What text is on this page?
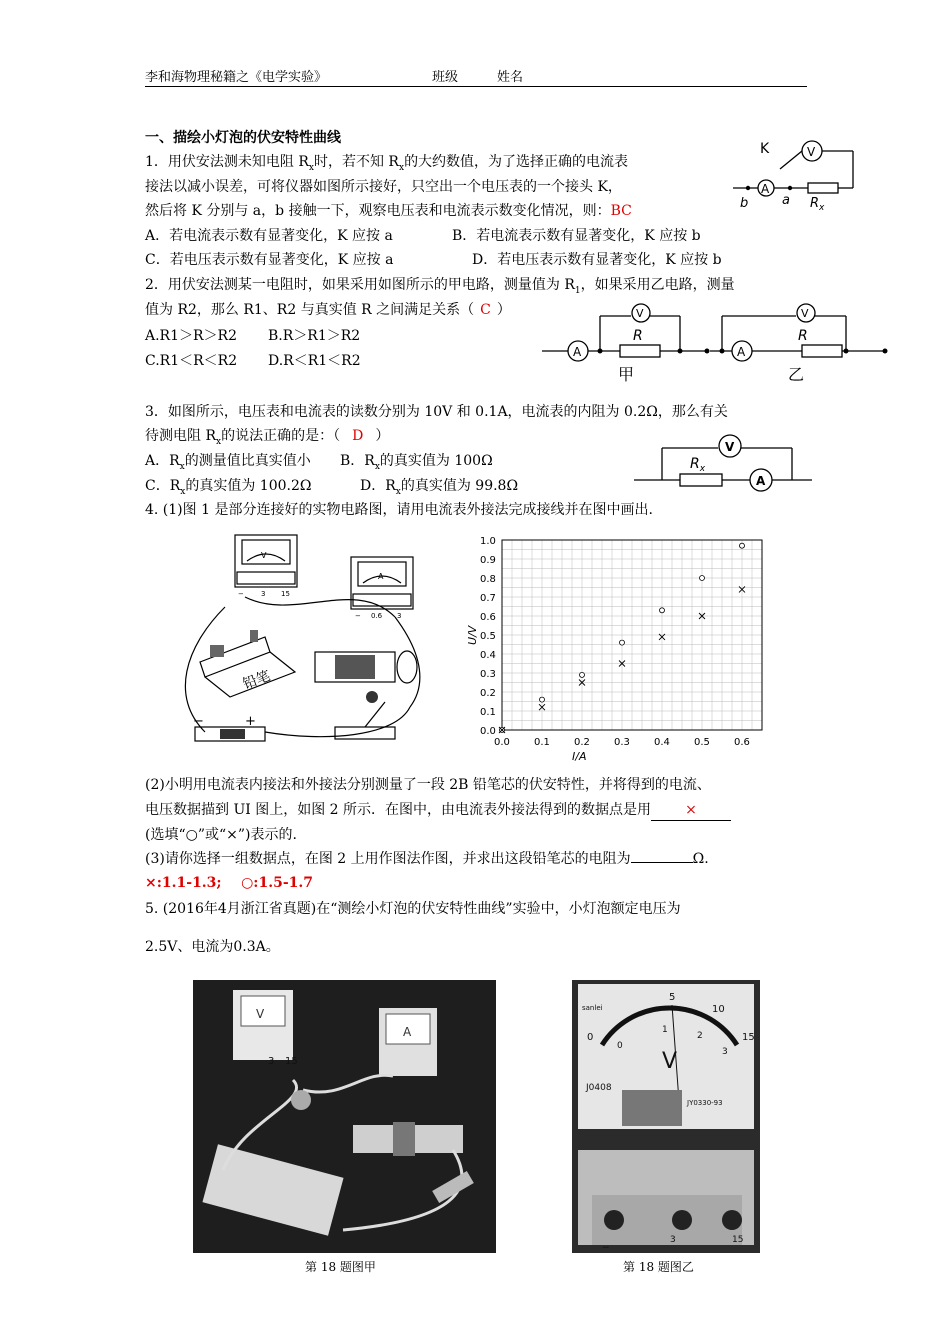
李和海物理秘籍之《电学实验》	班级	姓名
一、描绘小灯泡的伏安特性曲线
1．用伏安法测未知电阻 $R_x$时，若不知 $R_x$的大约数值，为了选择正确的电流表
接法以减小误差，可将仪器如图所示接好，只空出一个电压表的一个接头 K，
然后将 K 分别与 a，b 接触一下，观察电压表和电流表示数变化情况，则：BC
A．若电流表示数有显著变化，K 应按 a	B．若电流表示数有显著变化，K 应按 b
C．若电压表示数有显著变化，K 应按 a	D．若电压表示数有显著变化，K 应按 b
K	V
A
b	a $R_x$
2．用伏安法测某一电阻时，如果采用如图所示的甲电路，测量值为 $R_1$，如果采用乙电路，测量
值为 R2，那么 R1、R2 与真实值 R 之间满足关系（ C ）
A.R1＞R＞R2 B.R＞R1＞R2
C.R1＜R＜R2 D.R＜R1＜R2
V
R
A
甲
V
R
A
乙
3．如图所示，电压表和电流表的读数分别为 10V 和 0.1A，电流表的内阻为 0.2Ω，那么有关
待测电阻 $R_x$的说法正确的是：（ D ）
A．$R_x$的测量值比真实值小 B．$R_x$的真实值为 100Ω
C．$R_x$的真实值为 100.2Ω	D．$R_x$的真实值为 99.8Ω
V
A
$R_x$
4. (1)图 1 是部分连接好的实物电路图，请用电流表外接法完成接线并在图中画出.
V
A
− 3 15
− 0.6 3
铅笔
−	+
0.0 0.1 0.2 0.3 0.4 0.5 0.6
0.0
0.1
0.2
0.3
0.4
0.5
0.6
0.7
0.8
0.9
1.0
I/A
U/V
(2)小明用电流表内接法和外接法分别测量了一段 2B 铅笔芯的伏安特性，并将得到的电流、
电压数据描到 UI 图上，如图 2 所示．在图中，由电流表外接法得到的数据点是用 ×
(选填“○”或“×”)表示的.
(3)请你选择一组数据点，在图 2 上用作图法作图，并求出这段铅笔芯的电阻为	Ω.
×:1.1-1.3;    ○:1.5-1.7
5. (2016年4月浙江省真题)在“测绘小灯泡的伏安特性曲线”实验中，小灯泡额定电压为
2.5V、电流为0.3A。
V
A
3 15
第 18 题图甲
sanlei
0
5
10
15
0
1
2
3
V
J0408
JY0330-93
−
3	15
第 18 题图乙
